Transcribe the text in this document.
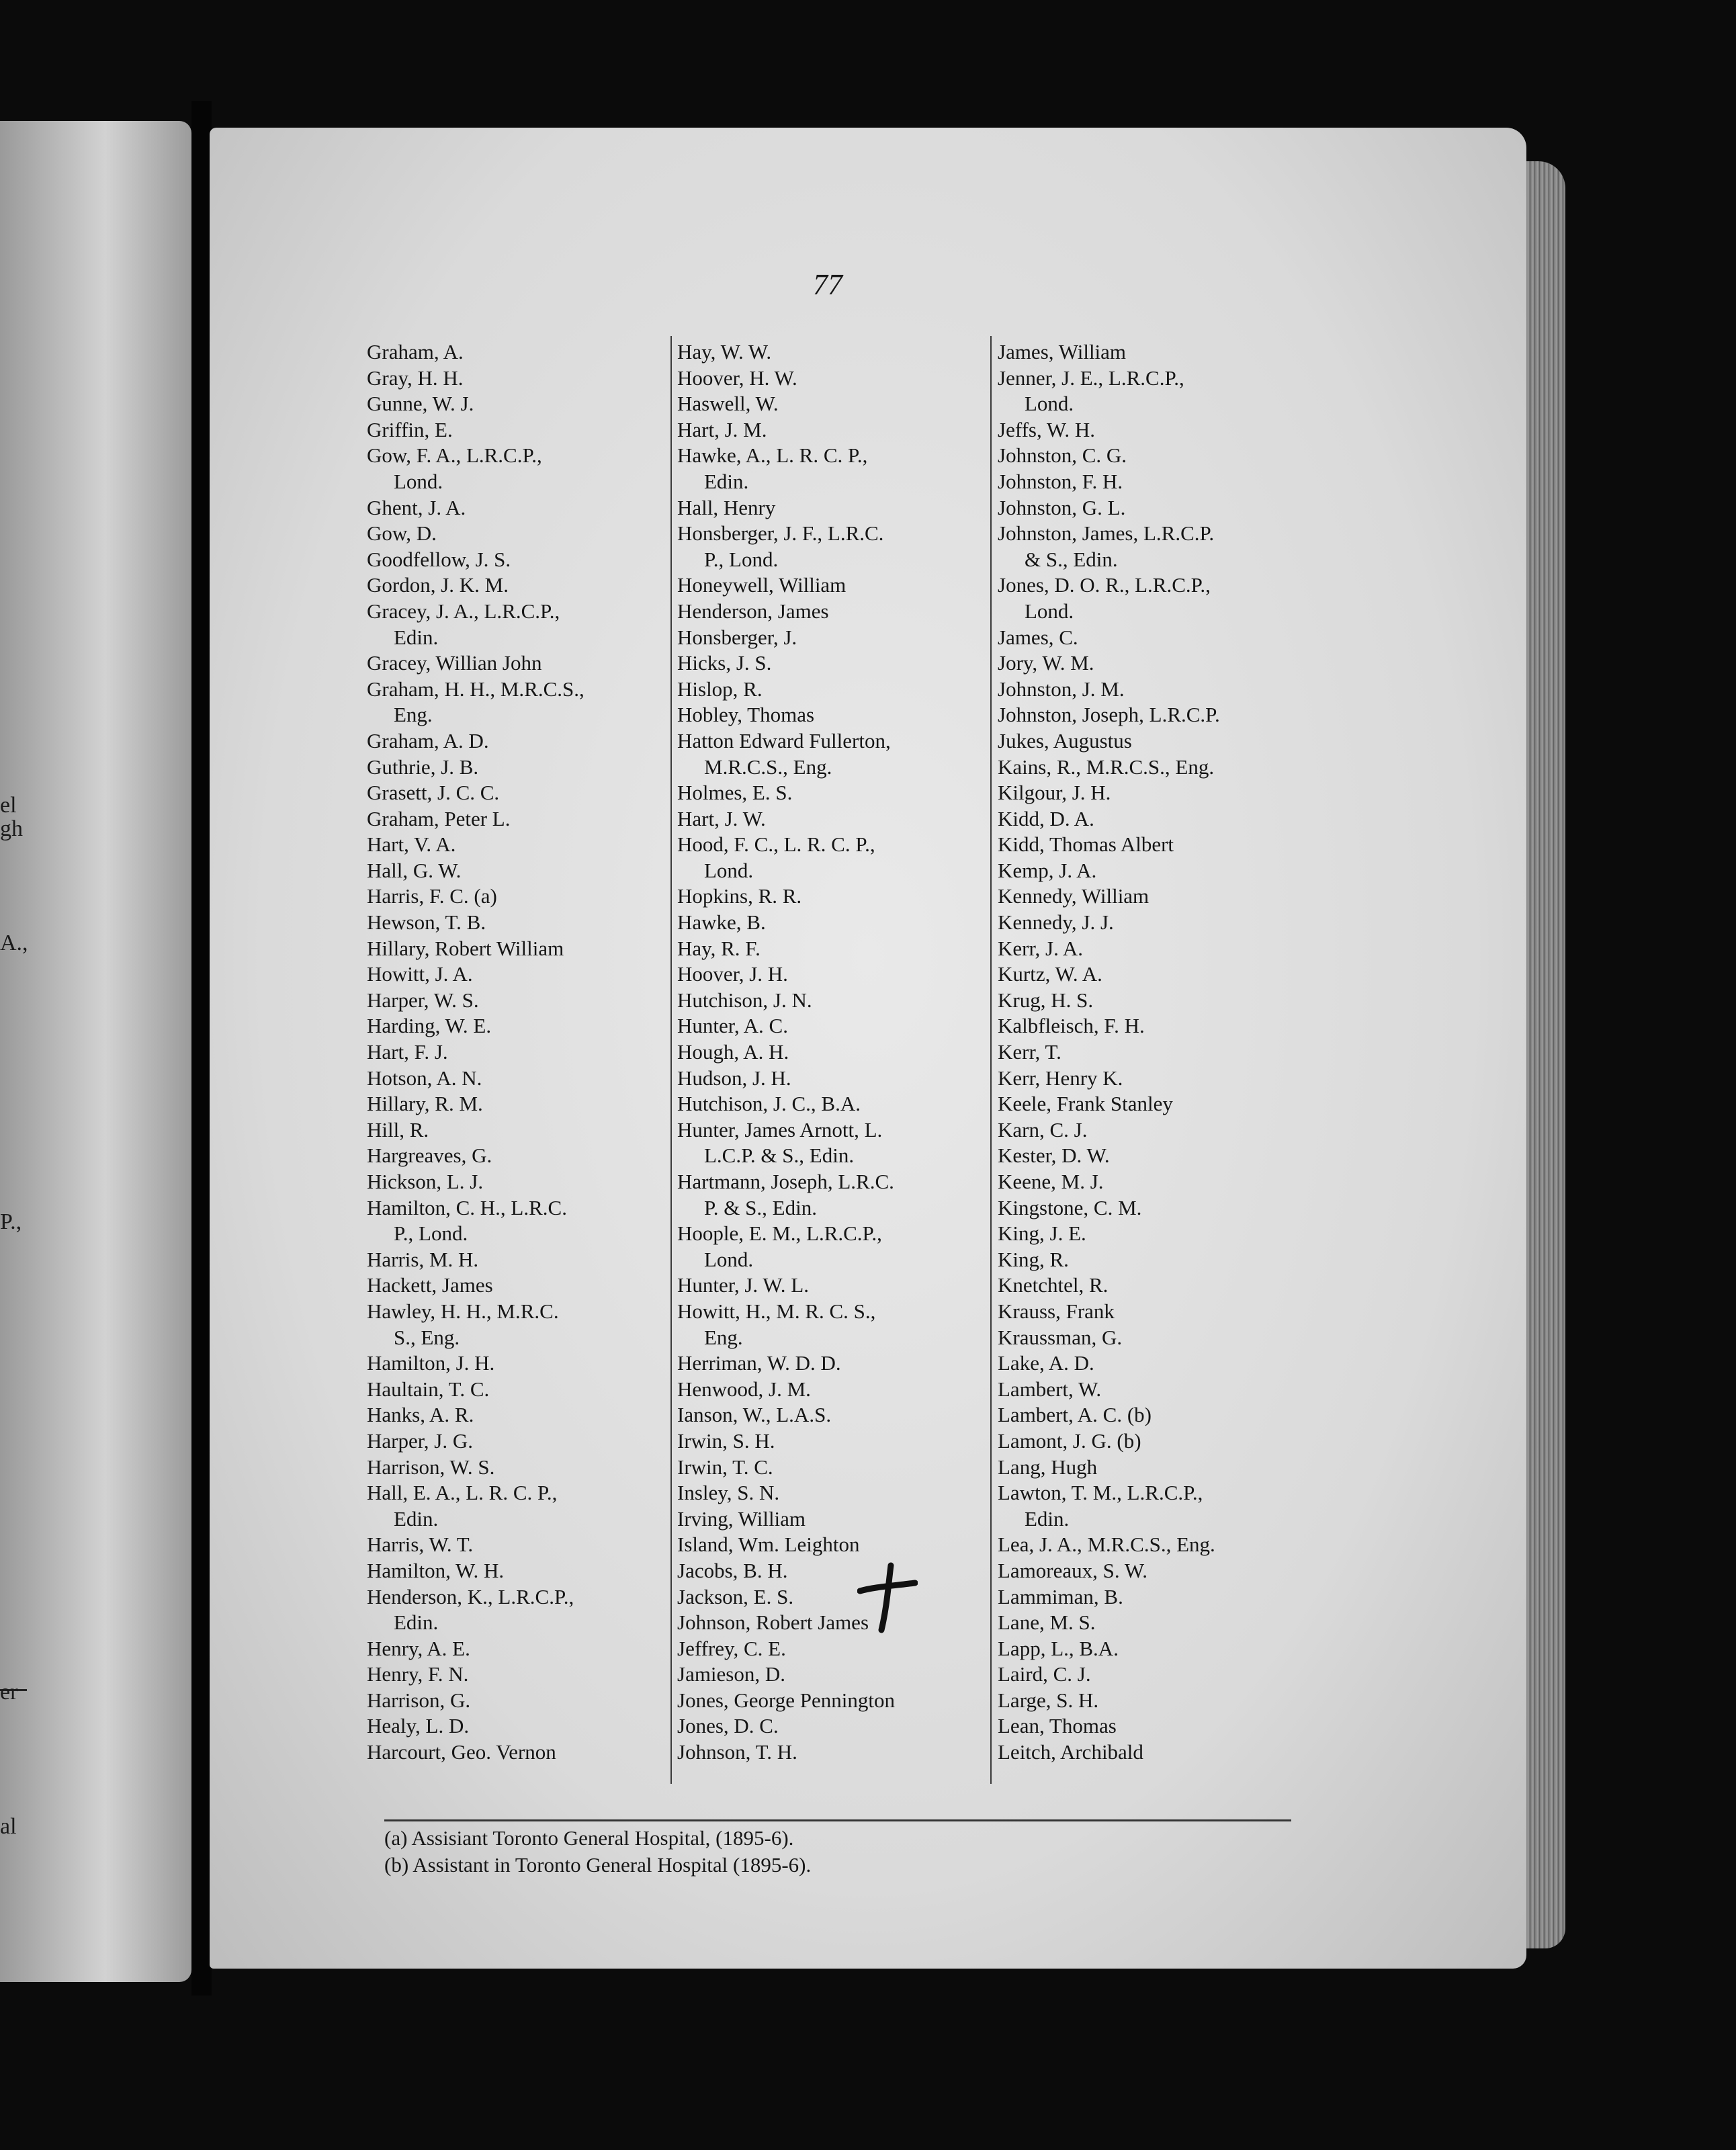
el
gh
A.,
P.,
er
al
77
Graham, A.
Gray, H. H.
Gunne, W. J.
Griffin, E.
Gow, F. A., L.R.C.P.,
Lond.
Ghent, J. A.
Gow, D.
Goodfellow, J. S.
Gordon, J. K. M.
Gracey, J. A., L.R.C.P.,
Edin.
Gracey, Willian John
Graham, H. H., M.R.C.S.,
Eng.
Graham, A. D.
Guthrie, J. B.
Grasett, J. C. C.
Graham, Peter L.
Hart, V. A.
Hall, G. W.
Harris, F. C. (a)
Hewson, T. B.
Hillary, Robert William
Howitt, J. A.
Harper, W. S.
Harding, W. E.
Hart, F. J.
Hotson, A. N.
Hillary, R. M.
Hill, R.
Hargreaves, G.
Hickson, L. J.
Hamilton, C. H., L.R.C.
P., Lond.
Harris, M. H.
Hackett, James
Hawley, H. H., M.R.C.
S., Eng.
Hamilton, J. H.
Haultain, T. C.
Hanks, A. R.
Harper, J. G.
Harrison, W. S.
Hall, E. A., L. R. C. P.,
Edin.
Harris, W. T.
Hamilton, W. H.
Henderson, K., L.R.C.P.,
Edin.
Henry, A. E.
Henry, F. N.
Harrison, G.
Healy, L. D.
Harcourt, Geo. Vernon
Hay, W. W.
Hoover, H. W.
Haswell, W.
Hart, J. M.
Hawke, A., L. R. C. P.,
Edin.
Hall, Henry
Honsberger, J. F., L.R.C.
P., Lond.
Honeywell, William
Henderson, James
Honsberger, J.
Hicks, J. S.
Hislop, R.
Hobley, Thomas
Hatton Edward Fullerton,
M.R.C.S., Eng.
Holmes, E. S.
Hart, J. W.
Hood, F. C., L. R. C. P.,
Lond.
Hopkins, R. R.
Hawke, B.
Hay, R. F.
Hoover, J. H.
Hutchison, J. N.
Hunter, A. C.
Hough, A. H.
Hudson, J. H.
Hutchison, J. C., B.A.
Hunter, James Arnott, L.
L.C.P. & S., Edin.
Hartmann, Joseph, L.R.C.
P. & S., Edin.
Hoople, E. M., L.R.C.P.,
Lond.
Hunter, J. W. L.
Howitt, H., M. R. C. S.,
Eng.
Herriman, W. D. D.
Henwood, J. M.
Ianson, W., L.A.S.
Irwin, S. H.
Irwin, T. C.
Insley, S. N.
Irving, William
Island, Wm. Leighton
Jacobs, B. H.
Jackson, E. S.
Johnson, Robert James
Jeffrey, C. E.
Jamieson, D.
Jones, George Pennington
Jones, D. C.
Johnson, T. H.
James, William
Jenner, J. E., L.R.C.P.,
Lond.
Jeffs, W. H.
Johnston, C. G.
Johnston, F. H.
Johnston, G. L.
Johnston, James, L.R.C.P.
& S., Edin.
Jones, D. O. R., L.R.C.P.,
Lond.
James, C.
Jory, W. M.
Johnston, J. M.
Johnston, Joseph, L.R.C.P.
Jukes, Augustus
Kains, R., M.R.C.S., Eng.
Kilgour, J. H.
Kidd, D. A.
Kidd, Thomas Albert
Kemp, J. A.
Kennedy, William
Kennedy, J. J.
Kerr, J. A.
Kurtz, W. A.
Krug, H. S.
Kalbfleisch, F. H.
Kerr, T.
Kerr, Henry K.
Keele, Frank Stanley
Karn, C. J.
Kester, D. W.
Keene, M. J.
Kingstone, C. M.
King, J. E.
King, R.
Knetchtel, R.
Krauss, Frank
Kraussman, G.
Lake, A. D.
Lambert, W.
Lambert, A. C. (b)
Lamont, J. G. (b)
Lang, Hugh
Lawton, T. M., L.R.C.P.,
Edin.
Lea, J. A., M.R.C.S., Eng.
Lamoreaux, S. W.
Lammiman, B.
Lane, M. S.
Lapp, L., B.A.
Laird, C. J.
Large, S. H.
Lean, Thomas
Leitch, Archibald
(a) Assisiant Toronto General Hospital, (1895-6).
(b) Assistant in Toronto General Hospital (1895-6).
